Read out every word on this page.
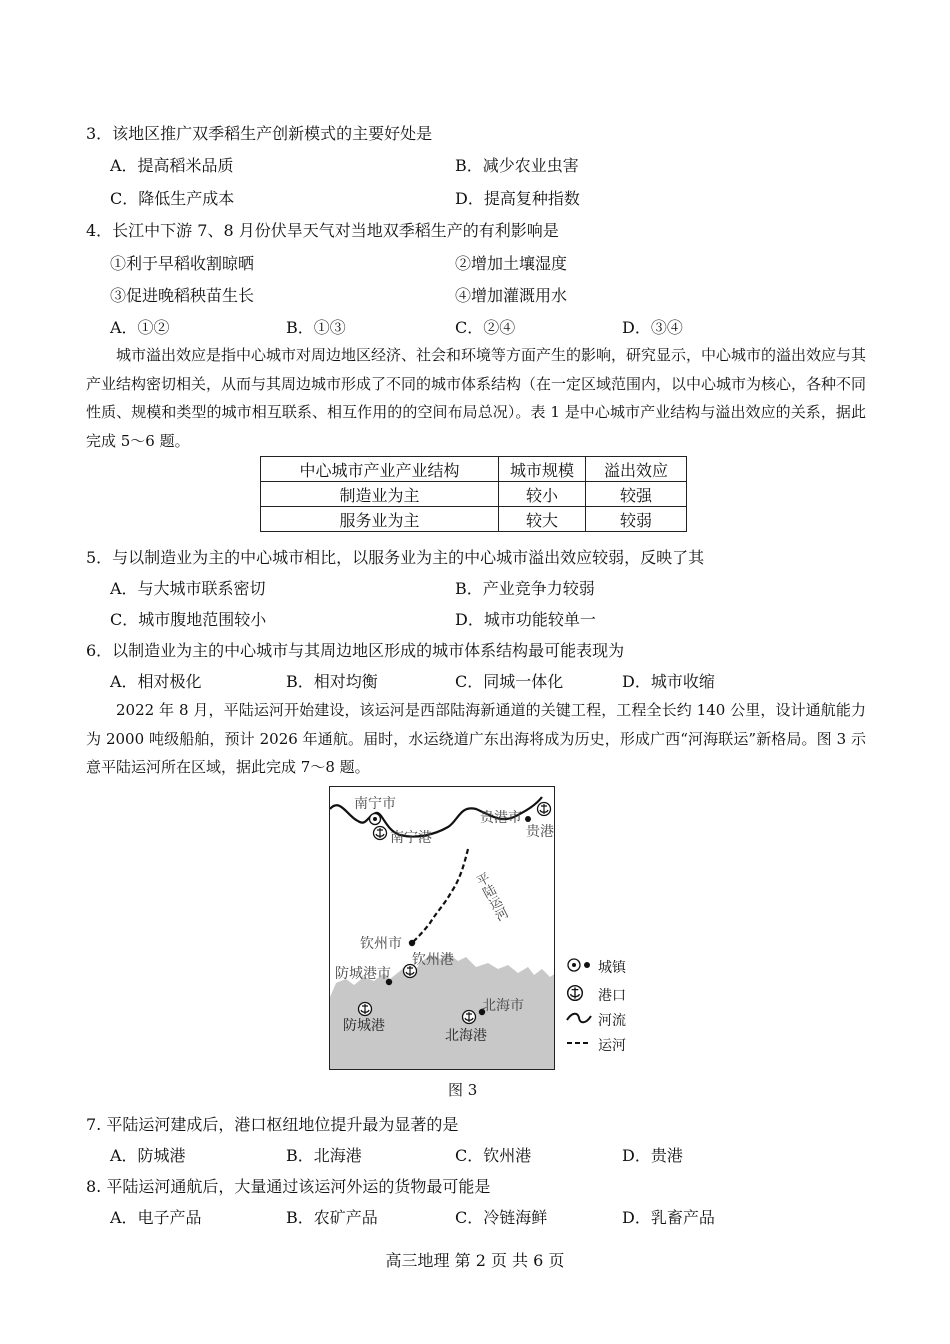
3．该地区推广双季稻生产创新模式的主要好处是
A．提高稻米品质	B．减少农业虫害
C．降低生产成本	D．提高复种指数
4．长江中下游 7、8 月份伏旱天气对当地双季稻生产的有利影响是
①利于早稻收割晾晒	②增加土壤湿度
③促进晚稻秧苗生长	④增加灌溉用水
A．①②	B．①③	C．②④	D．③④
城市溢出效应是指中心城市对周边地区经济、社会和环境等方面产生的影响，研究显示，中心城市的溢出效应与其产业结构密切相关，从而与其周边城市形成了不同的城市体系结构（在一定区域范围内，以中心城市为核心，各种不同性质、规模和类型的城市相互联系、相互作用的的空间布局总况）。表 1 是中心城市产业结构与溢出效应的关系，据此完成 5～6 题。
中心城市产业产业结构	城市规模	溢出效应
制造业为主	较小	较强
服务业为主	较大	较弱
5．与以制造业为主的中心城市相比，以服务业为主的中心城市溢出效应较弱，反映了其
A．与大城市联系密切	B．产业竞争力较弱
C．城市腹地范围较小	D．城市功能较单一
6．以制造业为主的中心城市与其周边地区形成的城市体系结构最可能表现为
A．相对极化	B．相对均衡	C．同城一体化	D．城市收缩
2022 年 8 月，平陆运河开始建设，该运河是西部陆海新通道的关键工程，工程全长约 140 公里，设计通航能力为 2000 吨级船舶，预计 2026 年通航。届时，水运绕道广东出海将成为历史，形成广西“河海联运”新格局。图 3 示意平陆运河所在区域，据此完成 7～8 题。
南宁市
南宁港
贵港市
贵港
平陆运河
钦州市
钦州港
防城港市
防城港
北海市
北海港
城镇
港口
河流
运河
图 3
7. 平陆运河建成后，港口枢纽地位提升最为显著的是
A．防城港	B．北海港	C．钦州港	D．贵港
8. 平陆运河通航后，大量通过该运河外运的货物最可能是
A．电子产品	B．农矿产品	C．冷链海鲜	D．乳畜产品
高三地理 第 2 页 共 6 页
